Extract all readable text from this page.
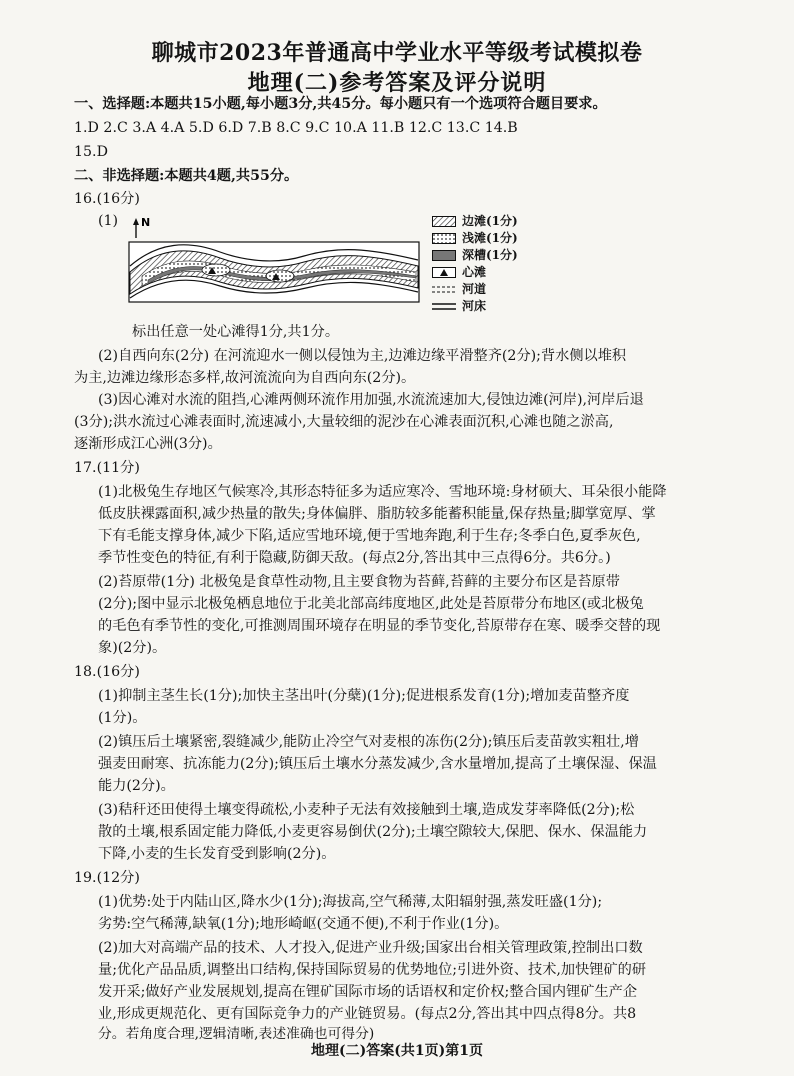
聊城市2023年普通高中学业水平等级考试模拟卷
地理(二)参考答案及评分说明
一、选择题:本题共15小题,每小题3分,共45分。每小题只有一个选项符合题目要求。
1.D 2.C 3.A 4.A 5.D 6.D 7.B 8.C 9.C 10.A 11.B 12.C 13.C 14.B
15.D
二、非选择题:本题共4题,共55分。
16.(16分)
(1)	N	边滩(1分)
浅滩(1分)
深槽(1分)
心滩
河道
河床
标出任意一处心滩得1分,共1分。
(2)自西向东(2分) 在河流迎水一侧以侵蚀为主,边滩边缘平滑整齐(2分);背水侧以堆积
为主,边滩边缘形态多样,故河流流向为自西向东(2分)。
(3)因心滩对水流的阻挡,心滩两侧环流作用加强,水流流速加大,侵蚀边滩(河岸),河岸后退
(3分);洪水流过心滩表面时,流速减小,大量较细的泥沙在心滩表面沉积,心滩也随之淤高,
逐渐形成江心洲(3分)。
17.(11分)
(1)北极兔生存地区气候寒冷,其形态特征多为适应寒冷、雪地环境:身材硕大、耳朵很小能降
低皮肤裸露面积,减少热量的散失;身体偏胖、脂肪较多能蓄积能量,保存热量;脚掌宽厚、掌
下有毛能支撑身体,减少下陷,适应雪地环境,便于雪地奔跑,利于生存;冬季白色,夏季灰色,
季节性变色的特征,有利于隐藏,防御天敌。(每点2分,答出其中三点得6分。共6分。)
(2)苔原带(1分) 北极兔是食草性动物,且主要食物为苔藓,苔藓的主要分布区是苔原带
(2分);图中显示北极兔栖息地位于北美北部高纬度地区,此处是苔原带分布地区(或北极兔
的毛色有季节性的变化,可推测周围环境存在明显的季节变化,苔原带存在寒、暖季交替的现
象)(2分)。
18.(16分)
(1)抑制主茎生长(1分);加快主茎出叶(分蘖)(1分);促进根系发育(1分);增加麦苗整齐度
(1分)。
(2)镇压后土壤紧密,裂缝减少,能防止冷空气对麦根的冻伤(2分);镇压后麦苗敦实粗壮,增
强麦田耐寒、抗冻能力(2分);镇压后土壤水分蒸发减少,含水量增加,提高了土壤保湿、保温
能力(2分)。
(3)秸秆还田使得土壤变得疏松,小麦种子无法有效接触到土壤,造成发芽率降低(2分);松
散的土壤,根系固定能力降低,小麦更容易倒伏(2分);土壤空隙较大,保肥、保水、保温能力
下降,小麦的生长发育受到影响(2分)。
19.(12分)
(1)优势:处于内陆山区,降水少(1分);海拔高,空气稀薄,太阳辐射强,蒸发旺盛(1分);
劣势:空气稀薄,缺氧(1分);地形崎岖(交通不便),不利于作业(1分)。
(2)加大对高端产品的技术、人才投入,促进产业升级;国家出台相关管理政策,控制出口数
量;优化产品品质,调整出口结构,保持国际贸易的优势地位;引进外资、技术,加快锂矿的研
发开采;做好产业发展规划,提高在锂矿国际市场的话语权和定价权;整合国内锂矿生产企
业,形成更规范化、更有国际竞争力的产业链贸易。(每点2分,答出其中四点得8分。共8
分。若角度合理,逻辑清晰,表述准确也可得分)
地理(二)答案(共1页)第1页
